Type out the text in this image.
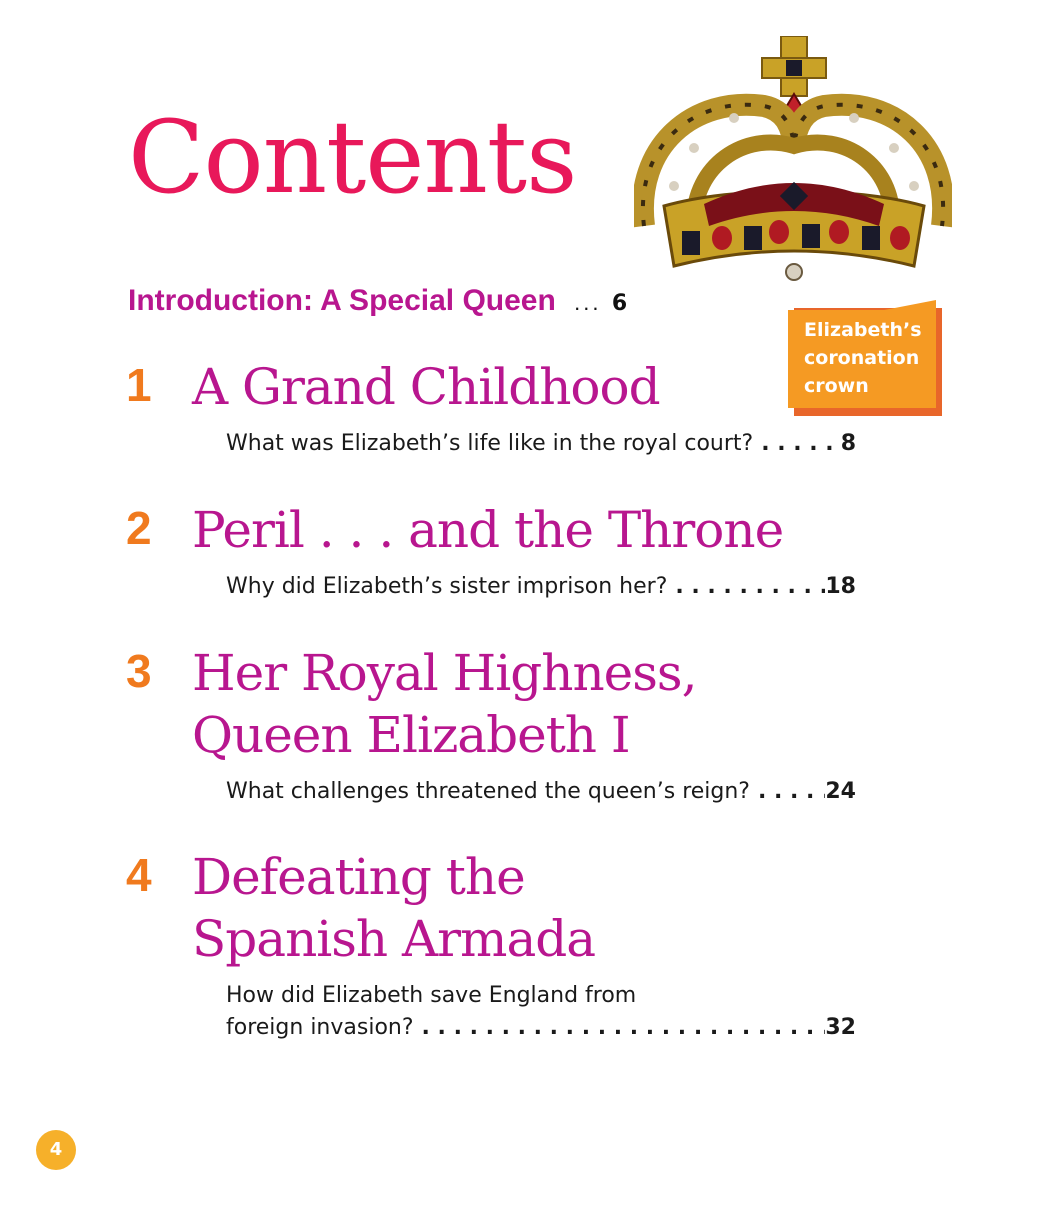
Contents
Introduction: A Special Queen ... 6
Elizabeth’s
coronation
crown
1 A Grand Childhood
What was Elizabeth’s life like in the royal court? . . .	8
2 Peril . . . and the Throne
Why did Elizabeth’s sister imprison her? . . .	18
3 Her Royal Highness,
Queen Elizabeth I
What challenges threatened the queen’s reign? . . .	24
4 Defeating the
Spanish Armada
How did Elizabeth save England from
foreign invasion? . . .	32
4
